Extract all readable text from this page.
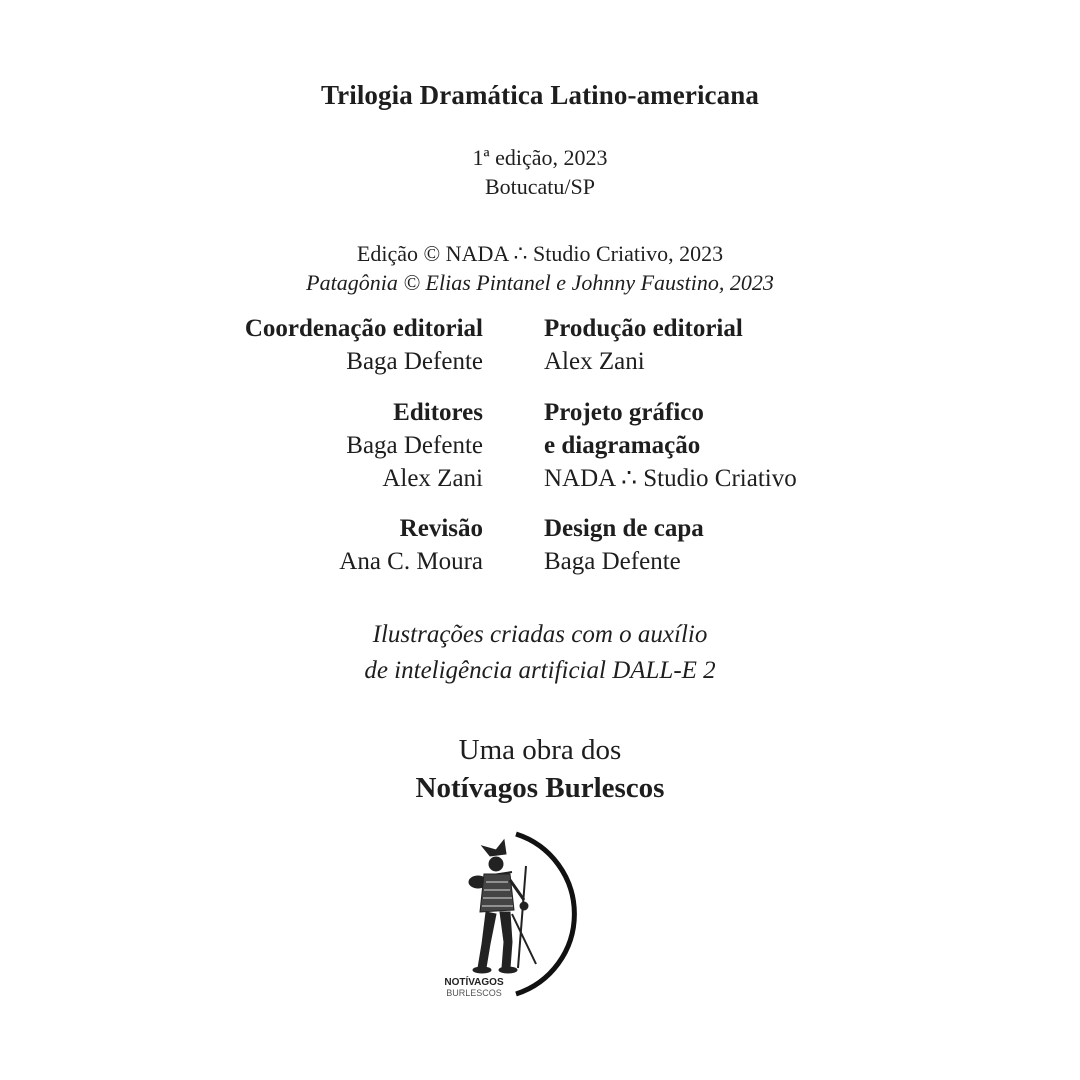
Trilogia Dramática Latino-americana
1ª edição, 2023
Botucatu/SP
Edição © NADA ∴ Studio Criativo, 2023
Patagônia © Elias Pintanel e Johnny Faustino, 2023
Coordenação editorial
Baga Defente
Produção editorial
Alex Zani
Editores
Baga Defente
Alex Zani
Projeto gráfico
e diagramação
NADA ∴ Studio Criativo
Revisão
Ana C. Moura
Design de capa
Baga Defente
Ilustrações criadas com o auxílio
de inteligência artificial DALL-E 2
Uma obra dos
Notívagos Burlescos
NOTÍVAGOS
BURLESCOS
